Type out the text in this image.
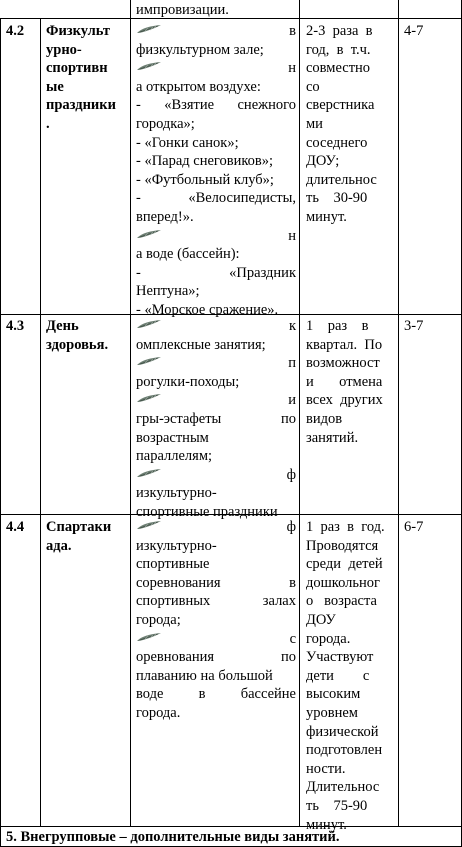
импровизации.
4.2 Физкульт
урно-
спортивн
ые
праздники
.
в
физкультурном залe;
н
а открытом воздухе:
-   «Взятие   снежного
городка»;
- «Гонки санок»;
- «Парад снеговиков»;
- «Футбольный клуб»;
-         «Велосипедисты,
вперед!».
н
а воде (бассейн):
-                «Праздник
Нептуна»;
- «Морское сражение».
2-3  раза  в
год,  в  т.ч.
совместно
со
сверстника
ми
соседнего
ДОУ;
длительнос
ть    30-90
минут.
4-7
4.3 День
здоровья.
к
омплексные занятия;
п
рогулки-походы;
и
гры-эстафеты           по
возрастным
параллелям;
ф
изкультурно-
спортивные праздники
1    раз    в
квартал.  По
возможност
и       отмена
всех  других
видов
занятий.
3-7
4.4 Спартаки
ада.
ф
изкультурно-
спортивные
соревнования             в
спортивных         залах
города;
с
оревнования           по
плаванию на большой
воде      в      бассейне
города.
1  раз  в  год.
Проводятся
среди  детей
дошкольног
о   возраста
ДОУ
города.
Участвуют
дети        с
высоким
уровнем
физической
подготовлен
ности.
Длительнос
ть    75-90
минут.
6-7
5. Внегрупповые – дополнительные виды занятий.
